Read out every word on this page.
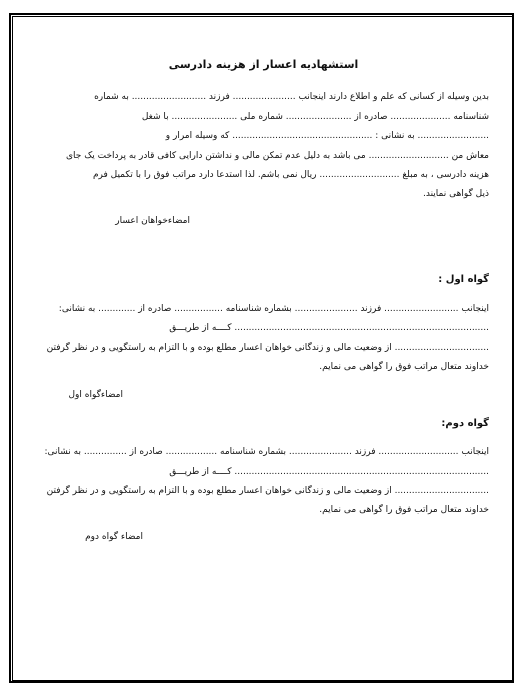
استشهادیه اعسار از هزینه دادرسی
بدین وسیله از کسانی که علم و اطلاع دارند اینجانب ...................... فرزند .......................... به شماره
شناسنامه ..................... صادره از ....................... شماره ملی ....................... با شغل
......................... به نشانی : ................................................. که وسیله امرار و
معاش من ............................ می باشد به دلیل عدم تمکن مالی و نداشتن دارایی کافی قادر به پرداخت یک جای
هزینه دادرسی ، به مبلغ ............................ ریال نمی باشم. لذا استدعا دارد مراتب فوق را با تکمیل فرم
ذیل گواهی نمایند.
امضاءخواهان اعسار
گواه اول :
اینجانب .......................... فرزند ...................... بشماره شناسنامه ................. صادره از ............. به نشانی:
......................................................................................... کــــه از طریـــق
................................. از وضعیت مالی و زندگانی خواهان اعسار مطلع بوده و با التزام به راستگویی و در نظر گرفتن
خداوند متعال مراتب فوق را گواهی می نمایم.
امضاءگواه اول
گواه دوم:
اینجانب ............................ فرزند ...................... بشماره شناسنامه .................. صادره از ............... به نشانی:
......................................................................................... کــــه از طریـــق
................................. از وضعیت مالی و زندگانی خواهان اعسار مطلع بوده و با التزام به راستگویی و در نظر گرفتن
خداوند متعال مراتب فوق را گواهی می نمایم.
امضاء گواه دوم
